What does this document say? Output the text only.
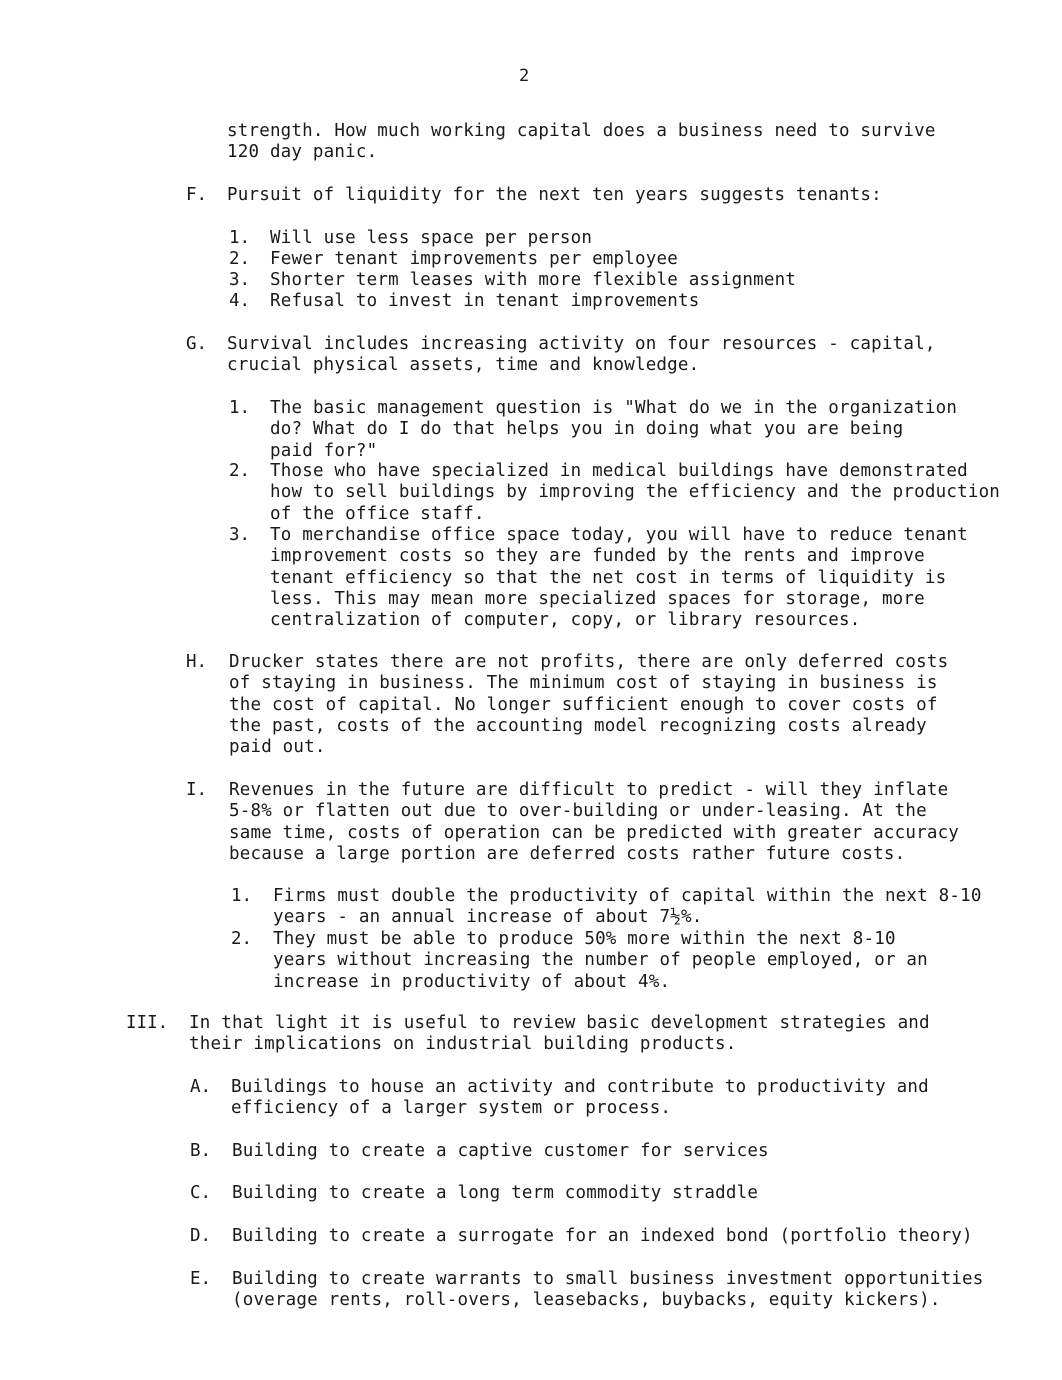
2
strength. How much working capital does a business need to survive
120 day panic.
F. Pursuit of liquidity for the next ten years suggests tenants:
1. Will use less space per person
2. Fewer tenant improvements per employee
3. Shorter term leases with more flexible assignment
4. Refusal to invest in tenant improvements
G. Survival includes increasing activity on four resources - capital,
crucial physical assets, time and knowledge.
1. The basic management question is "What do we in the organization
do? What do I do that helps you in doing what you are being
paid for?"
2. Those who have specialized in medical buildings have demonstrated
how to sell buildings by improving the efficiency and the production
of the office staff.
3. To merchandise office space today, you will have to reduce tenant
improvement costs so they are funded by the rents and improve
tenant efficiency so that the net cost in terms of liquidity is
less. This may mean more specialized spaces for storage, more
centralization of computer, copy, or library resources.
H. Drucker states there are not profits, there are only deferred costs
of staying in business. The minimum cost of staying in business is
the cost of capital. No longer sufficient enough to cover costs of
the past, costs of the accounting model recognizing costs already
paid out.
I. Revenues in the future are difficult to predict - will they inflate
5-8% or flatten out due to over-building or under-leasing. At the
same time, costs of operation can be predicted with greater accuracy
because a large portion are deferred costs rather future costs.
1. Firms must double the productivity of capital within the next 8-10
years - an annual increase of about 7½%.
2. They must be able to produce 50% more within the next 8-10
years without increasing the number of people employed, or an
increase in productivity of about 4%.
III. In that light it is useful to review basic development strategies and
their implications on industrial building products.
A. Buildings to house an activity and contribute to productivity and
efficiency of a larger system or process.
B. Building to create a captive customer for services
C. Building to create a long term commodity straddle
D. Building to create a surrogate for an indexed bond (portfolio theory)
E. Building to create warrants to small business investment opportunities
(overage rents, roll-overs, leasebacks, buybacks, equity kickers).
